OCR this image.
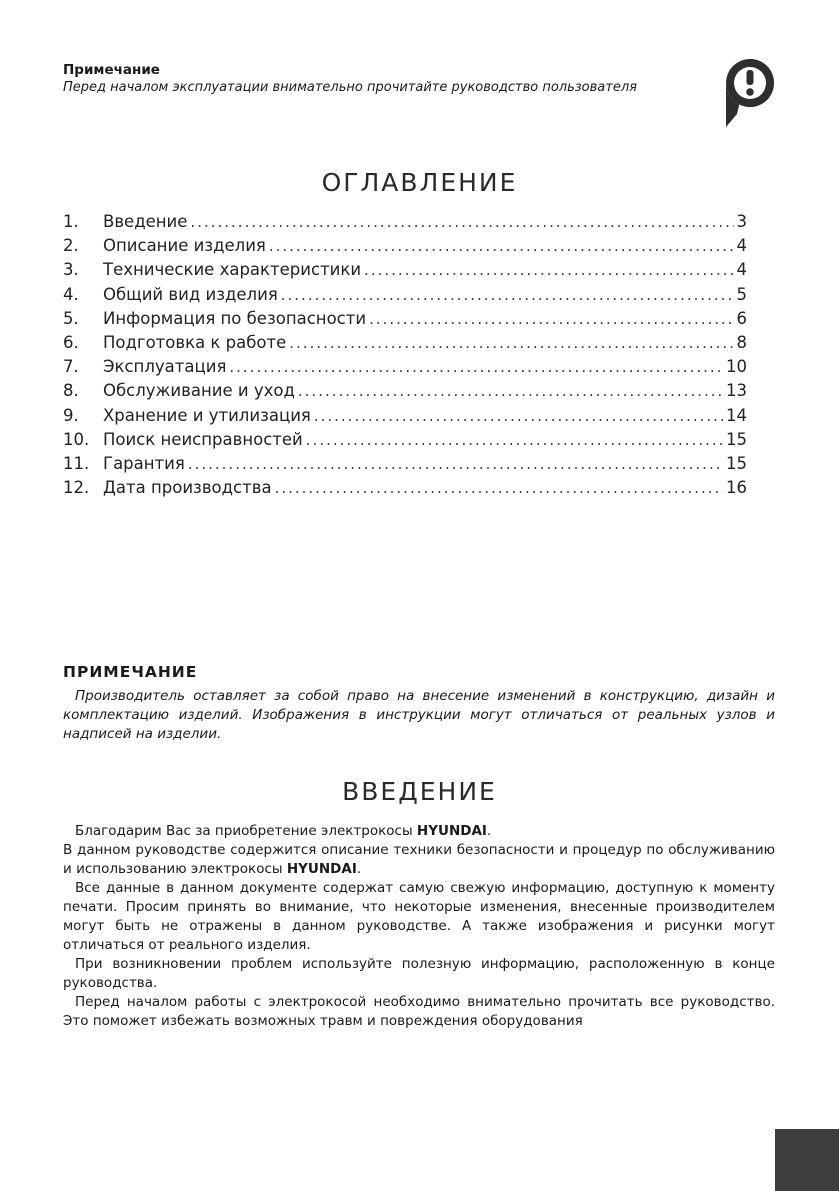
Примечание
Перед началом эксплуатации внимательно прочитайте руководство пользователя
ОГЛАВЛЕНИЕ
1.	Введение .....	3
2.	Описание изделия .....	4
3.	Технические характеристики .....	4
4.	Общий вид изделия .....	5
5.	Информация по безопасности .....	6
6.	Подготовка к работе .....	8
7.	Эксплуатация .....	10
8.	Обслуживание и уход .....	13
9.	Хранение и утилизация .....	14
10. Поиск неисправностей .....	15
11. Гарантия .....	15
12. Дата производства .....	16
ПРИМЕЧАНИЕ
Производитель оставляет за собой право на внесение изменений в конструкцию, дизайн и комплектацию изделий. Изображения в инструкции могут отличаться от реальных узлов и надписей на изделии.
ВВЕДЕНИЕ

Благодарим Вас за приобретение электрокосы HYUNDAI.

В данном руководстве содержится описание техники безопасности и процедур по обслуживанию и использованию электрокосы HYUNDAI.

Все данные в данном документе содержат самую свежую информацию, доступную к моменту печати. Просим принять во внимание, что некоторые изменения, внесенные производителем могут быть не отражены в данном руководстве. А также изображения и рисунки могут отличаться от реального изделия.

При возникновении проблем используйте полезную информацию, расположенную в конце руководства.

Перед началом работы с электрокосой необходимо внимательно прочитать все руководство. Это поможет избежать возможных травм и повреждения оборудования
